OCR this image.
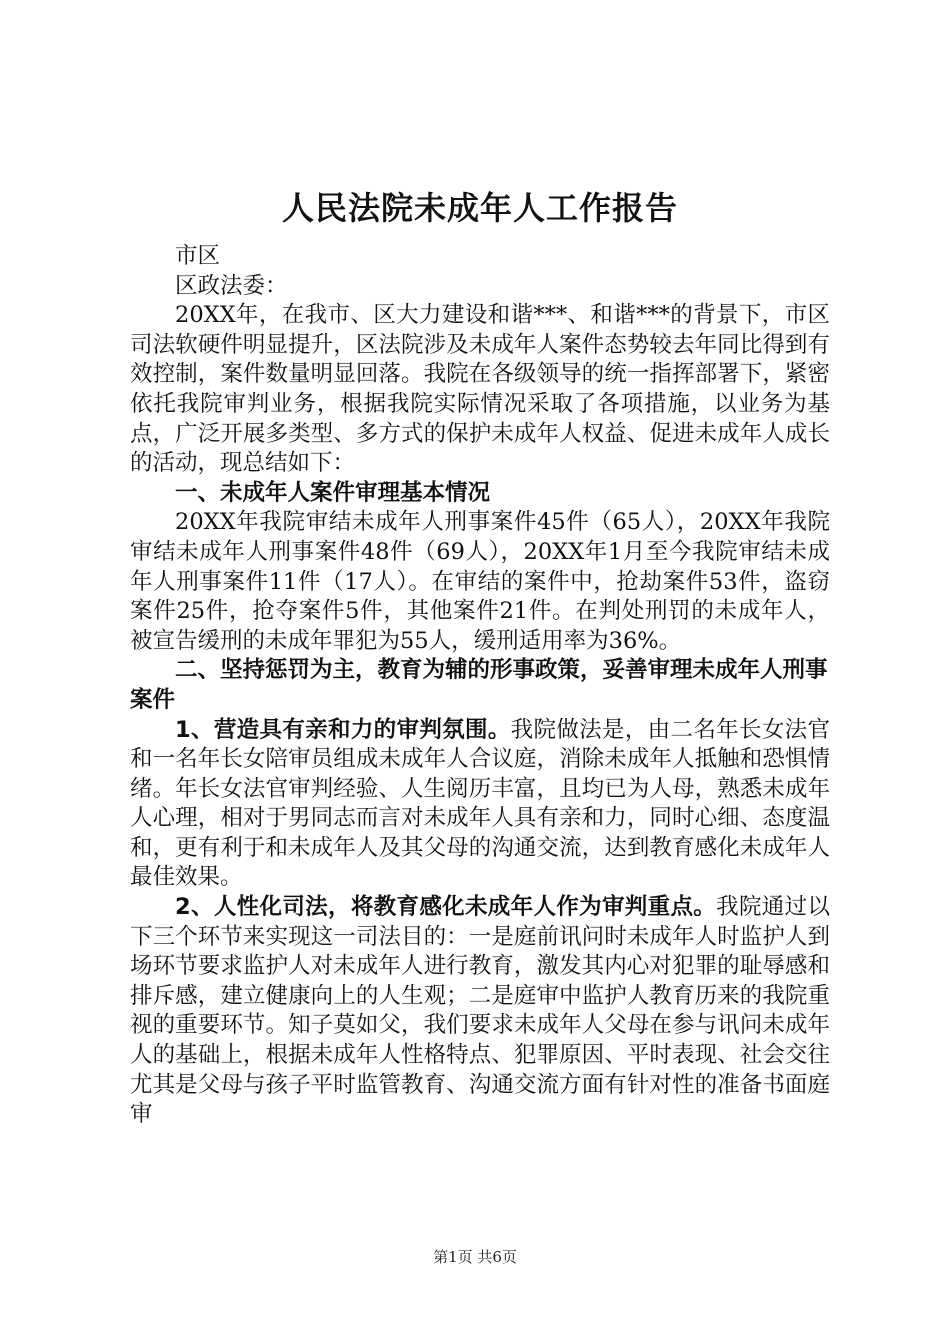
人民法院未成年人工作报告

市区

区政法委：

20XX年，在我市、区大力建设和谐***、和谐***的背景下，市区司法软硬件明显提升，区法院涉及未成年人案件态势较去年同比得到有效控制，案件数量明显回落。我院在各级领导的统一指挥部署下，紧密依托我院审判业务，根据我院实际情况采取了各项措施，以业务为基点，广泛开展多类型、多方式的保护未成年人权益、促进未成年人成长的活动，现总结如下：

一、未成年人案件审理基本情况

20XX年我院审结未成年人刑事案件45件（65人），20XX年我院审结未成年人刑事案件48件（69人），20XX年1月至今我院审结未成年人刑事案件11件（17人）。在审结的案件中，抢劫案件53件，盗窃案件25件，抢夺案件5件，其他案件21件。在判处刑罚的未成年人，被宣告缓刑的未成年罪犯为55人，缓刑适用率为36%。

二、坚持惩罚为主，教育为辅的形事政策，妥善审理未成年人刑事案件

1、营造具有亲和力的审判氛围。我院做法是，由二名年长女法官和一名年长女陪审员组成未成年人合议庭，消除未成年人抵触和恐惧情绪。年长女法官审判经验、人生阅历丰富，且均已为人母，熟悉未成年人心理，相对于男同志而言对未成年人具有亲和力，同时心细、态度温和，更有利于和未成年人及其父母的沟通交流，达到教育感化未成年人最佳效果。

2、人性化司法，将教育感化未成年人作为审判重点。我院通过以下三个环节来实现这一司法目的：一是庭前讯问时未成年人时监护人到场环节要求监护人对未成年人进行教育，激发其内心对犯罪的耻辱感和排斥感，建立健康向上的人生观；二是庭审中监护人教育历来的我院重视的重要环节。知子莫如父，我们要求未成年人父母在参与讯问未成年人的基础上，根据未成年人性格特点、犯罪原因、平时表现、社会交往尤其是父母与孩子平时监管教育、沟通交流方面有针对性的准备书面庭审

第1页 共6页
